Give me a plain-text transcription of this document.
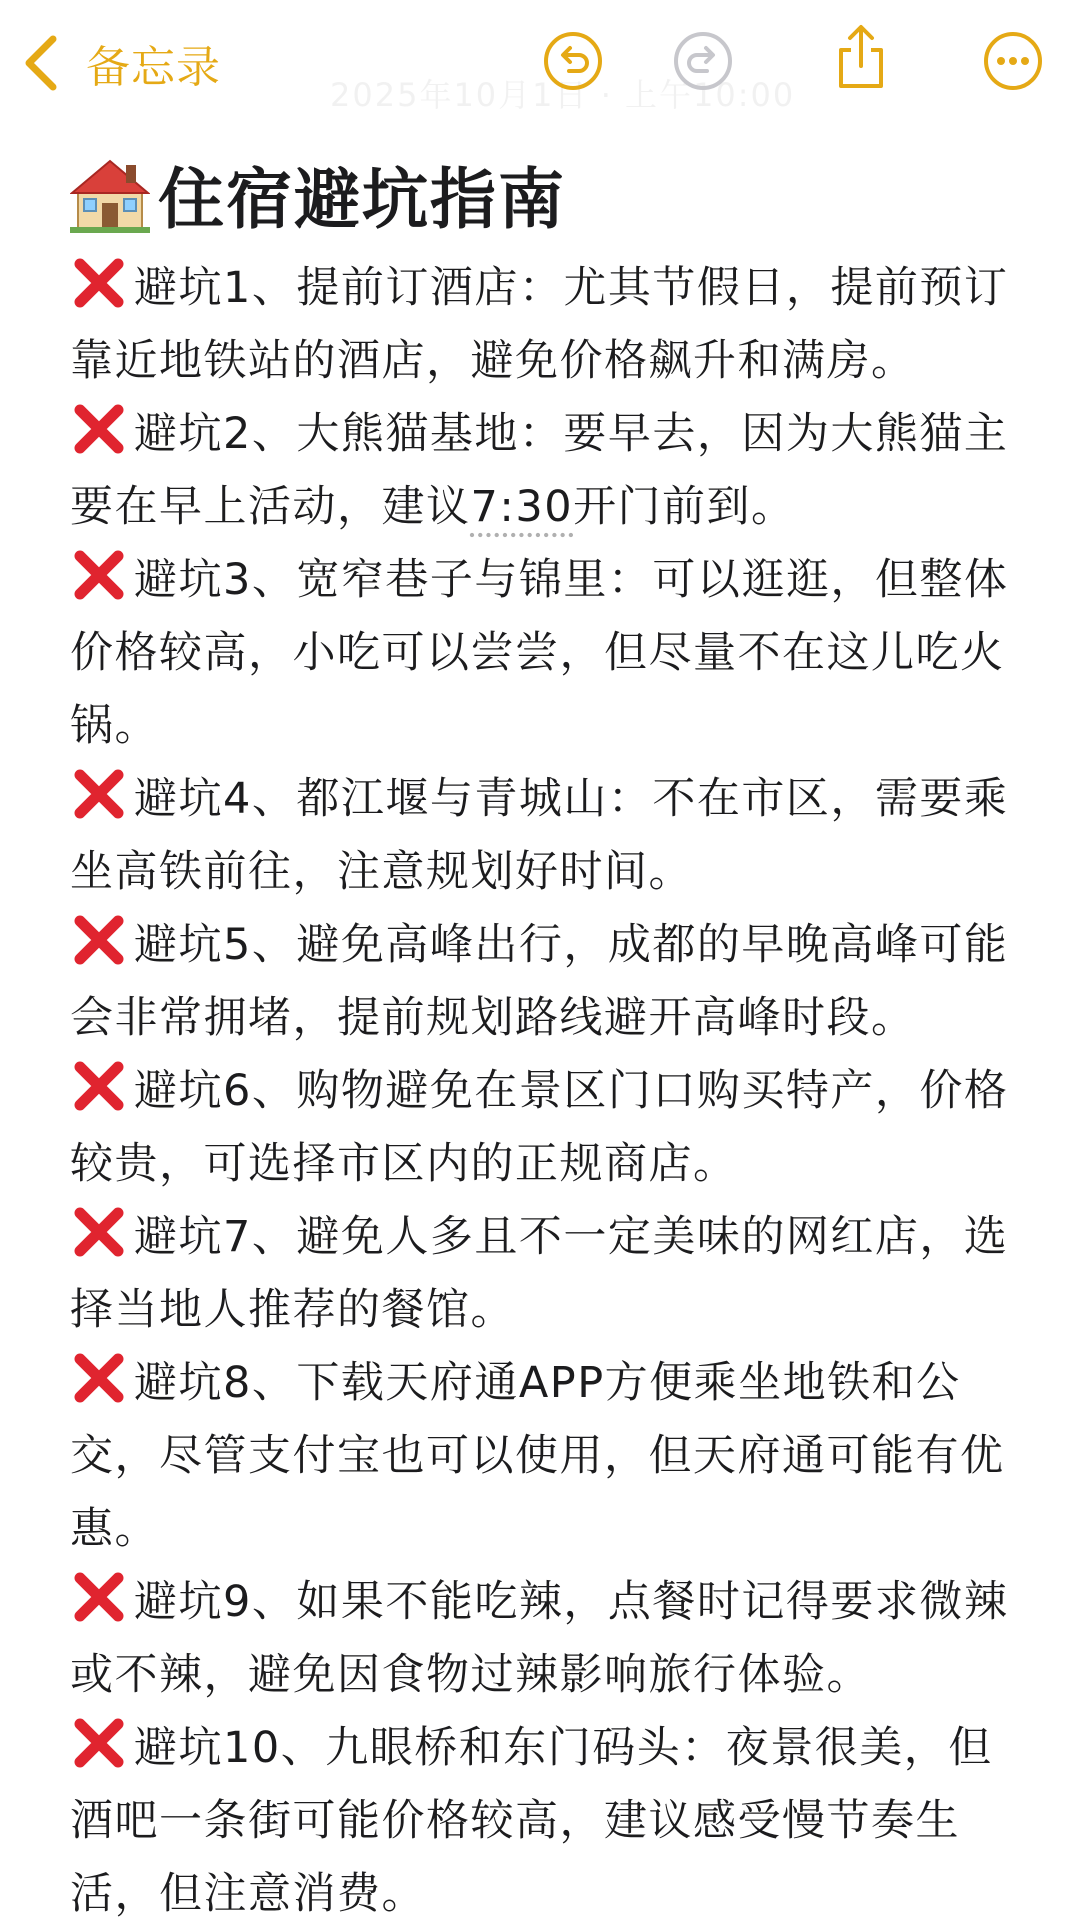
2025年10月1日 · 上午10:00
备忘录
住宿避坑指南
避坑1、提前订酒店：尤其节假日，提前预订靠近地铁站的酒店，避免价格飙升和满房。
避坑2、大熊猫基地：要早去，因为大熊猫主要在早上活动，建议7:30开门前到。
避坑3、宽窄巷子与锦里：可以逛逛，但整体价格较高，小吃可以尝尝，但尽量不在这儿吃火锅。
避坑4、都江堰与青城山：不在市区，需要乘坐高铁前往，注意规划好时间。
避坑5、避免高峰出行，成都的早晚高峰可能会非常拥堵，提前规划路线避开高峰时段。
避坑6、购物避免在景区门口购买特产，价格较贵，可选择市区内的正规商店。
避坑7、避免人多且不一定美味的网红店，选择当地人推荐的餐馆。
避坑8、下载天府通APP方便乘坐地铁和公交，尽管支付宝也可以使用，但天府通可能有优惠。
避坑9、如果不能吃辣，点餐时记得要求微辣或不辣，避免因食物过辣影响旅行体验。
避坑10、九眼桥和东门码头：夜景很美，但酒吧一条街可能价格较高，建议感受慢节奏生活，但注意消费。
